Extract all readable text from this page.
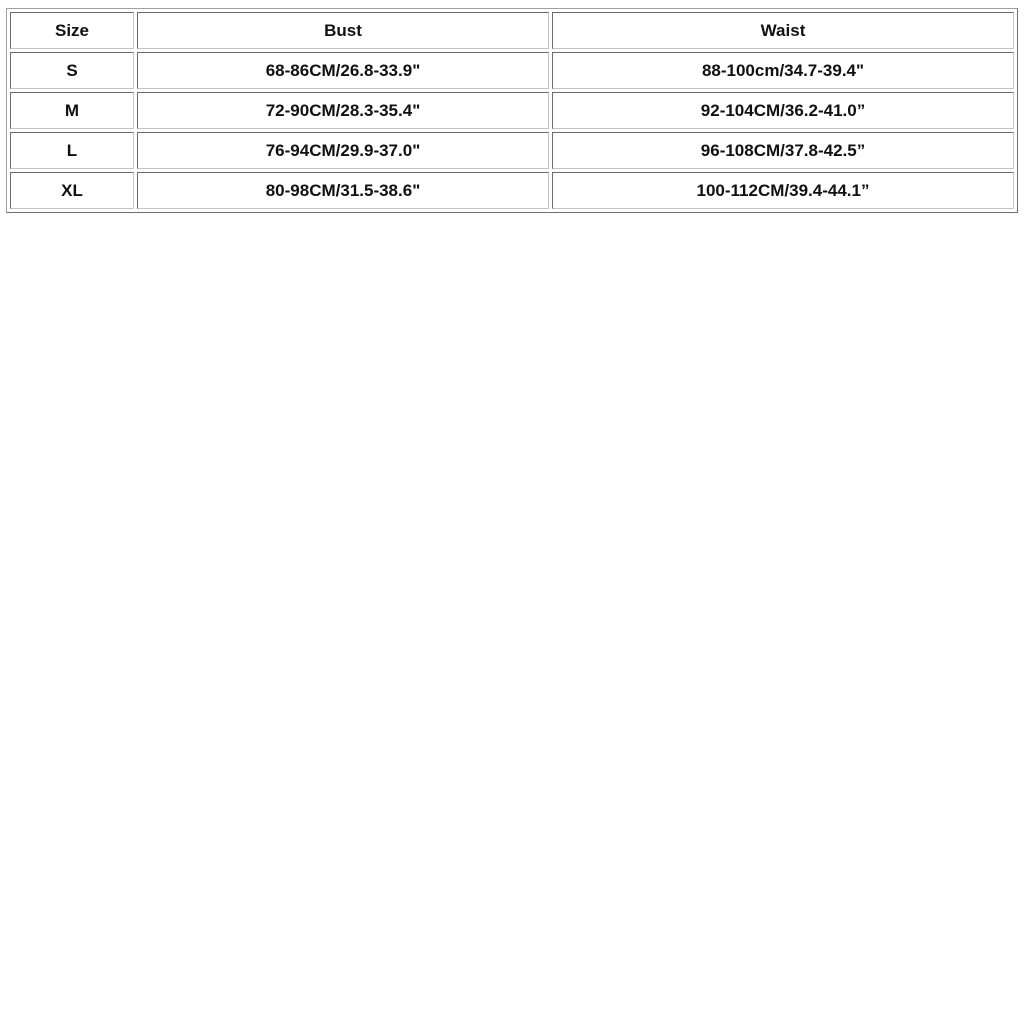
Size	Bust	Waist
S	68-86CM/26.8-33.9"	88-100cm/34.7-39.4"
M	72-90CM/28.3-35.4"	92-104CM/36.2-41.0”
L	76-94CM/29.9-37.0"	96-108CM/37.8-42.5”
XL	80-98CM/31.5-38.6"	100-112CM/39.4-44.1”
